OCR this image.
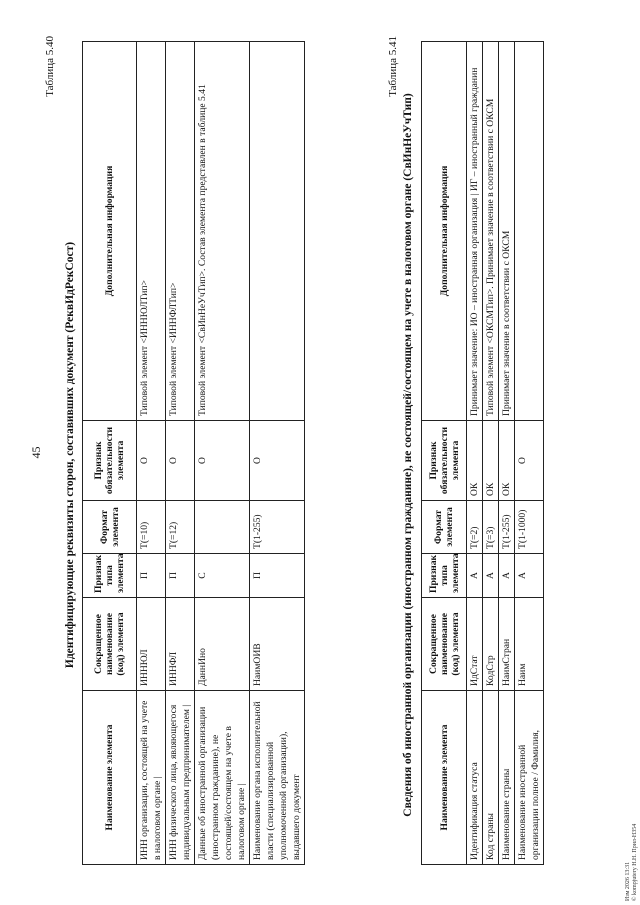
45
Таблица 5.40
Идентифицирующие реквизиты сторон, составивших документ (РеквИдРекСост)
Наименование элемента	Сокращенное наименование (код) элемента	Признак типа элемента	Формат элемента	Признак обязательности элемента	Дополнительная информация
ИНН организации, состоящей на учете в налоговом органе |	ИННЮЛ	П	T(=10)	О	Типовой элемент <ИННЮЛТип>
ИНН физического лица, являющегося индивидуальным предпринимателем |	ИННФЛ	П	T(=12)	О	Типовой элемент <ИННФЛТип>
Данные об иностранной организации (иностранном гражданине), не состоящей/состоящем на учете в налоговом органе |	ДаннИно	С		О	Типовой элемент <СвИнНеУчТип>. Состав элемента представлен в таблице 5.41
Наименование органа исполнительной власти (специализированной уполномоченной организации), выдавшего документ	НаимОИВ	П	T(1-255)	О	
Таблица 5.41
Сведения об иностранной организации (иностранном гражданине), не состоящей/состоящем на учете в налоговом органе (СвИнНеУчТип)	Наименование элемента	Сокращенное наименование (код) элемента	Признак типа элемента	Формат элемента	Признак обязательности элемента	Дополнительная информация
Идентификация статуса	ИдСтат	А	T(=2)	ОК	Принимает значение: ИО – иностранная организация | ИГ – иностранный гражданин
Код страны	КодСтр	А	T(=3)	ОК	Типовой элемент <ОКСМТип>. Принимает значение в соответствии с ОКСМ
Наименование страны	НаимСтран	А	T(1-255)	ОК	Принимает значение в соответствии с ОКСМ
Наименование иностранной организации полное / Фамилия,	Наим	А	T(1-1000)	О	
Изм 2026 13:31 © kompjuterу Н.Н. Прил-Н354
